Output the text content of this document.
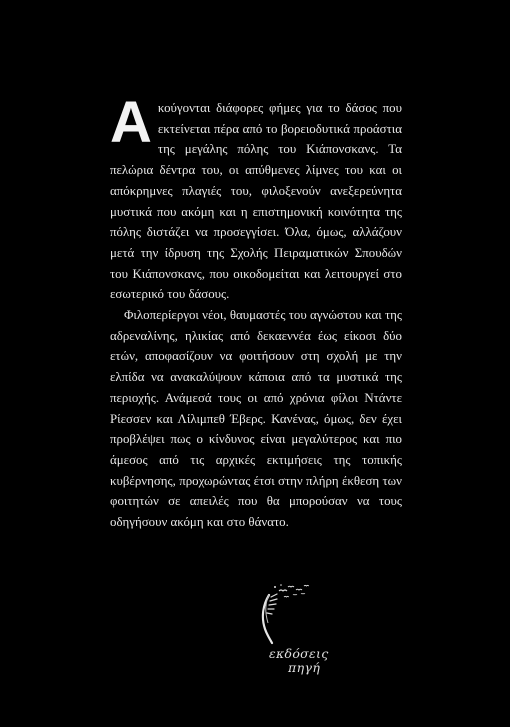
Ακούγονται διάφορες φήμες για το δάσος που εκτείνεται πέρα από το βορειοδυτικά προάστια της μεγάλης πόλης του Κιάπονσκανς. Τα πελώρια δέντρα του, οι απύθμενες λίμνες του και οι απόκρημνες πλαγιές του, φιλοξενούν ανεξερεύνητα μυστικά που ακόμη και η επιστημονική κοινότητα της πόλης διστάζει να προσεγγίσει. Όλα, όμως, αλλάζουν μετά την ίδρυση της Σχολής Πειραματικών Σπουδών του Κιάπονσκανς, που οικοδομείται και λειτουργεί στο εσωτερικό του δάσους.

Φιλοπερίεργοι νέοι, θαυμαστές του αγνώστου και της αδρεναλίνης, ηλικίας από δεκαεννέα έως είκοσι δύο ετών, αποφασίζουν να φοιτήσουν στη σχολή με την ελπίδα να ανακαλύψουν κάποια από τα μυστικά της περιοχής. Ανάμεσά τους οι από χρόνια φίλοι Ντάντε Ρίεσσεν και Λίλιμπεθ Έβερς. Κανένας, όμως, δεν έχει προβλέψει πως ο κίνδυνος είναι μεγαλύτερος και πιο άμεσος από τις αρχικές εκτιμήσεις της τοπικής κυβέρνησης, προχωρώντας έτσι στην πλήρη έκθεση των φοιτητών σε απειλές που θα μπορούσαν να τους οδηγήσουν ακόμη και στο θάνατο.

εκδόσεις
πηγή
